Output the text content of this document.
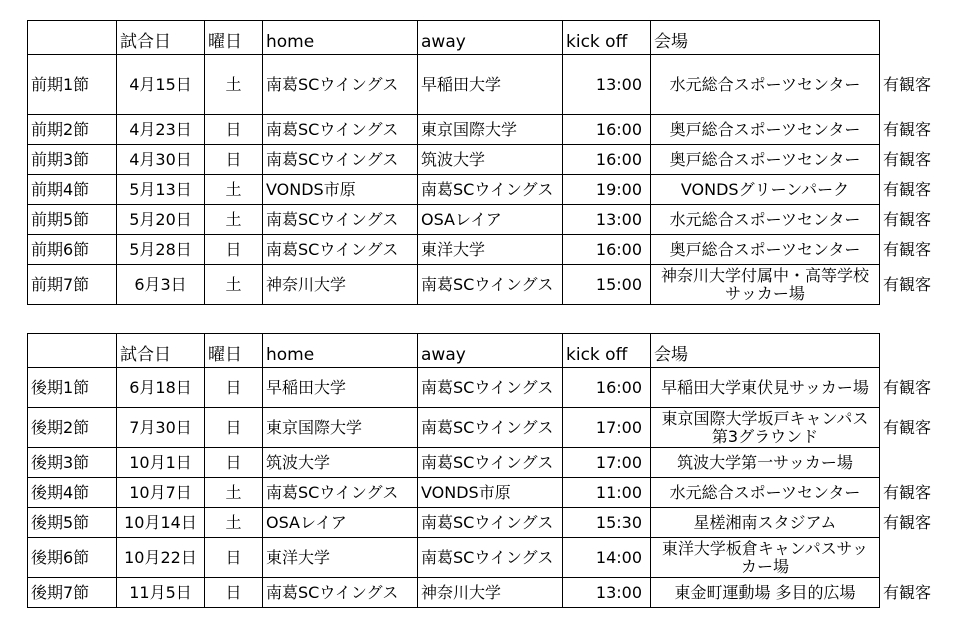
	試合日	曜日	home	away	kick off	会場	
前期1節	4月15日	土	南葛SCウイングス	早稲田大学	13:00	水元総合スポーツセンター	有観客
前期2節	4月23日	日	南葛SCウイングス	東京国際大学	16:00	奥戸総合スポーツセンター	有観客
前期3節	4月30日	日	南葛SCウイングス	筑波大学	16:00	奥戸総合スポーツセンター	有観客
前期4節	5月13日	土	VONDS市原	南葛SCウイングス	19:00	VONDSグリーンパーク	有観客
前期5節	5月20日	土	南葛SCウイングス	OSAレイア	13:00	水元総合スポーツセンター	有観客
前期6節	5月28日	日	南葛SCウイングス	東洋大学	16:00	奥戸総合スポーツセンター	有観客
前期7節	6月3日	土	神奈川大学	南葛SCウイングス	15:00	神奈川大学付属中・高等学校サッカー場	有観客
	試合日	曜日	home	away	kick off	会場	
後期1節	6月18日	日	早稲田大学	南葛SCウイングス	16:00	早稲田大学東伏見サッカー場	有観客
後期2節	7月30日	日	東京国際大学	南葛SCウイングス	17:00	東京国際大学坂戸キャンパス第3グラウンド	有観客
後期3節	10月1日	日	筑波大学	南葛SCウイングス	17:00	筑波大学第一サッカー場	
後期4節	10月7日	土	南葛SCウイングス	VONDS市原	11:00	水元総合スポーツセンター	有観客
後期5節	10月14日	土	OSAレイア	南葛SCウイングス	15:30	星槎湘南スタジアム	有観客
後期6節	10月22日	日	東洋大学	南葛SCウイングス	14:00	東洋大学板倉キャンパスサッカー場	
後期7節	11月5日	日	南葛SCウイングス	神奈川大学	13:00	東金町運動場 多目的広場	有観客
